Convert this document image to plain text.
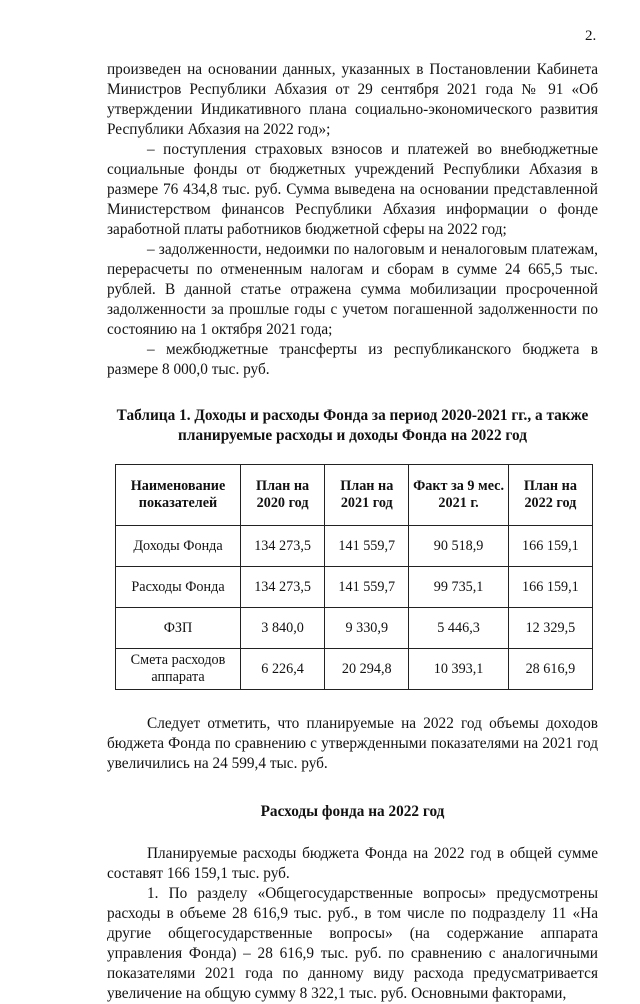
2.

произведен на основании данных, указанных в Постановлении Кабинета Министров Республики Абхазия от 29 сентября 2021 года № 91 «Об утверждении Индикативного плана социально-экономического развития Республики Абхазия на 2022 год»;

– поступления страховых взносов и платежей во внебюджетные социальные фонды от бюджетных учреждений Республики Абхазия в размере 76 434,8 тыс. руб. Сумма выведена на основании представленной Министерством финансов Республики Абхазия информации о фонде заработной платы работников бюджетной сферы на 2022 год;

– задолженности, недоимки по налоговым и неналоговым платежам, перерасчеты по отмененным налогам и сборам в сумме 24 665,5 тыс. рублей. В данной статье отражена сумма мобилизации просроченной задолженности за прошлые годы с учетом погашенной задолженности по состоянию на 1 октября 2021 года;

– межбюджетные трансферты из республиканского бюджета в размере 8 000,0 тыс. руб.

Таблица 1. Доходы и расходы Фонда за период 2020-2021 гг., а также планируемые расходы и доходы Фонда на 2022 год

Наименование показателей	План на 2020 год	План на 2021 год	Факт за 9 мес. 2021 г.	План на 2022 год
Доходы Фонда	134 273,5	141 559,7	90 518,9	166 159,1
Расходы Фонда	134 273,5	141 559,7	99 735,1	166 159,1
ФЗП	3 840,0	9 330,9	5 446,3	12 329,5
Смета расходов аппарата	6 226,4	20 294,8	10 393,1	28 616,9

Следует отметить, что планируемые на 2022 год объемы доходов бюджета Фонда по сравнению с утвержденными показателями на 2021 год увеличились на 24 599,4 тыс. руб.

Расходы фонда на 2022 год

Планируемые расходы бюджета Фонда на 2022 год в общей сумме составят 166 159,1 тыс. руб.

1. По разделу «Общегосударственные вопросы» предусмотрены расходы в объеме 28 616,9 тыс. руб., в том числе по подразделу 11 «На другие общегосударственные вопросы» (на содержание аппарата управления Фонда) – 28 616,9 тыс. руб. по сравнению с аналогичными показателями 2021 года по данному виду расхода предусматривается увеличение на общую сумму 8 322,1 тыс. руб. Основными факторами,
